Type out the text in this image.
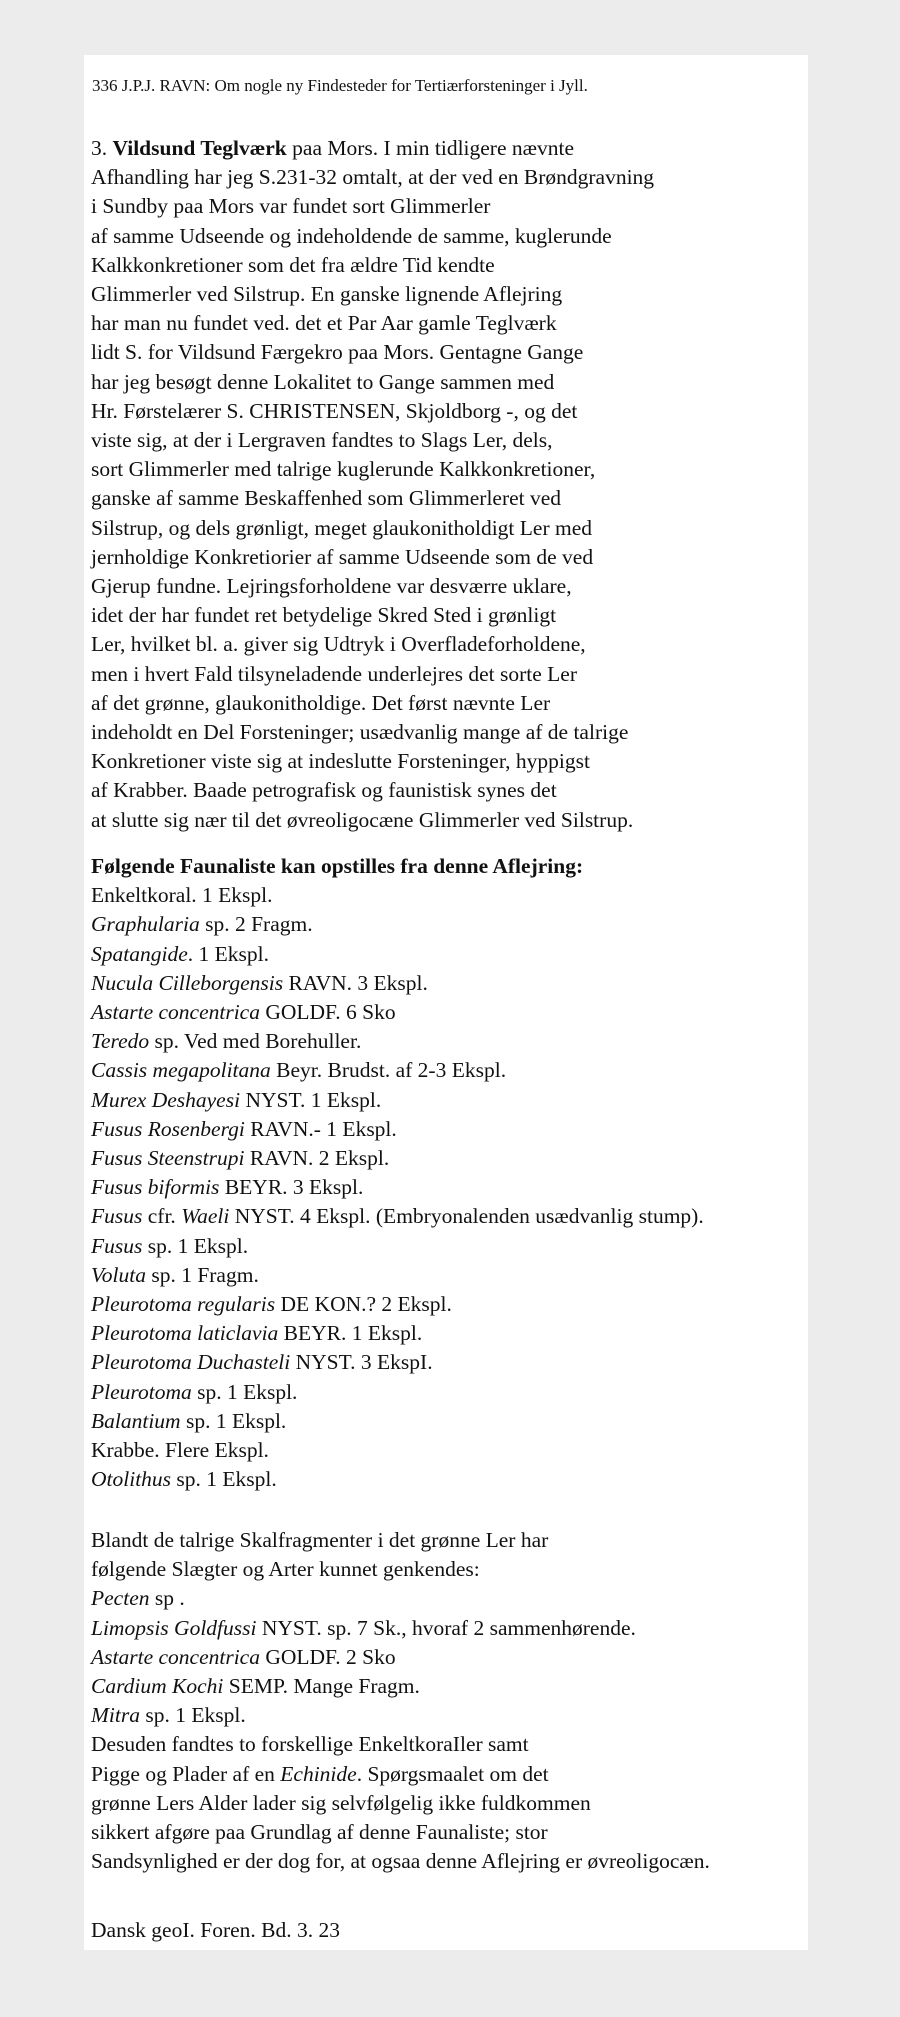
336 J.P.J. RAVN: Om nogle ny Findesteder for Tertiærforsteninger i Jyll.
3. Vildsund Teglværk paa Mors. I min tidligere nævnte
Afhandling har jeg S.231-32 omtalt, at der ved en Brøndgravning
i Sundby paa Mors var fundet sort Glimmerler
af samme Udseende og indeholdende de samme, kuglerunde
Kalkkonkretioner som det fra ældre Tid kendte
Glimmerler ved Silstrup. En ganske lignende Aflejring
har man nu fundet ved. det et Par Aar gamle Teglværk
lidt S. for Vildsund Færgekro paa Mors. Gentagne Gange
har jeg besøgt denne Lokalitet to Gange sammen med
Hr. Førstelærer S. CHRISTENSEN, Skjoldborg -, og det
viste sig, at der i Lergraven fandtes to Slags Ler, dels,
sort Glimmerler med talrige kuglerunde Kalkkonkretioner,
ganske af samme Beskaffenhed som Glimmerleret ved
Silstrup, og dels grønligt, meget glaukonitholdigt Ler med
jernholdige Konkretiorier af samme Udseende som de ved
Gjerup fundne. Lejringsforholdene var desværre uklare,
idet der har fundet ret betydelige Skred Sted i grønligt
Ler, hvilket bl. a. giver sig Udtryk i Overfladeforholdene,
men i hvert Fald tilsyneladende underlejres det sorte Ler
af det grønne, glaukonitholdige. Det først nævnte Ler
indeholdt en Del Forsteninger; usædvanlig mange af de talrige
Konkretioner viste sig at indeslutte Forsteninger, hyppigst
af Krabber. Baade petrografisk og faunistisk synes det
at slutte sig nær til det øvreoligocæne Glimmerler ved Silstrup.
Følgende Faunaliste kan opstilles fra denne Aflejring:
Enkeltkoral. 1 Ekspl.
Graphularia sp. 2 Fragm.
Spatangide. 1 Ekspl.
Nucula Cilleborgensis RAVN. 3 Ekspl.
Astarte concentrica GOLDF. 6 Sko
Teredo sp. Ved med Borehuller.
Cassis megapolitana Beyr. Brudst. af 2-3 Ekspl.
Murex Deshayesi NYST. 1 Ekspl.
Fusus Rosenbergi RAVN.- 1 Ekspl.
Fusus Steenstrupi RAVN. 2 Ekspl.
Fusus biformis BEYR. 3 Ekspl.
Fusus cfr. Waeli NYST. 4 Ekspl. (Embryonalenden usædvanlig stump).
Fusus sp. 1 Ekspl.
Voluta sp. 1 Fragm.
Pleurotoma regularis DE KON.? 2 Ekspl.
Pleurotoma laticlavia BEYR. 1 Ekspl.
Pleurotoma Duchasteli NYST. 3 EkspI.
Pleurotoma sp. 1 Ekspl.
Balantium sp. 1 Ekspl.
Krabbe. Flere Ekspl.
Otolithus sp. 1 Ekspl.
Blandt de talrige Skalfragmenter i det grønne Ler har
følgende Slægter og Arter kunnet genkendes:
Pecten sp .
Limopsis Goldfussi NYST. sp. 7 Sk., hvoraf 2 sammenhørende.
Astarte concentrica GOLDF. 2 Sko
Cardium Kochi SEMP. Mange Fragm.
Mitra sp. 1 Ekspl.
Desuden fandtes to forskellige EnkeltkoraIler samt
Pigge og Plader af en Echinide. Spørgsmaalet om det
grønne Lers Alder lader sig selvfølgelig ikke fuldkommen
sikkert afgøre paa Grundlag af denne Faunaliste; stor
Sandsynlighed er der dog for, at ogsaa denne Aflejring er øvreoligocæn.
Dansk geoI. Foren. Bd. 3. 23
